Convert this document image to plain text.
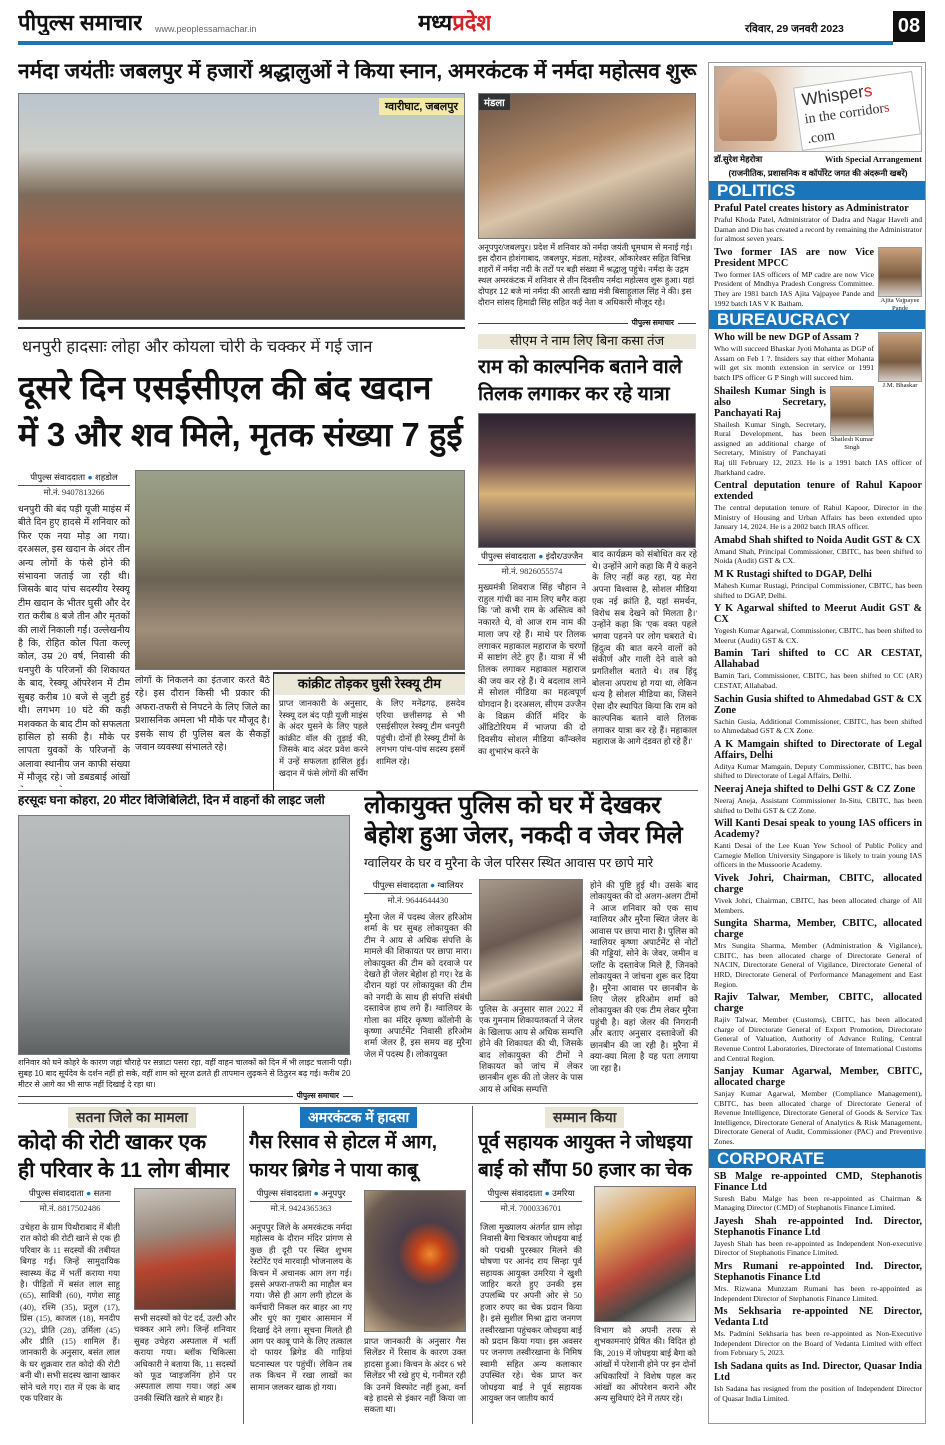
पीपुल्स समाचार www.peoplessamachar.in	मध्यप्रदेश	रविवार, 29 जनवरी 2023	08
नर्मदा जयंतीः जबलपुर में हजारों श्रद्धालुओं ने किया स्नान, अमरकंटक में नर्मदा महोत्सव शुरू
ग्वारीघाट, जबलपुर	मंडला
अनूपपुर/जबलपुर। प्रदेश में शनिवार को नर्मदा जयंती धूमधाम से मनाई गई। इस दौरान होशंगाबाद, जबलपुर, मंडला, महेश्वर, ओंकारेश्वर सहित विभिन्न शहरों में नर्मदा नदी के तटों पर बड़ी संख्या में श्रद्धालु पहुंचे। नर्मदा के उद्गम स्थल अमरकंटक में शनिवार से तीन दिवसीय नर्मदा महोत्सव शुरू हुआ। यहां दोपहर 12 बजे मां नर्मदा की आरती खाद्य मंत्री बिसाहूलाल सिंह ने की। इस दौरान सांसद हिमाद्री सिंह सहित कई नेता व अधिकारी मौजूद रहे।
पीपुल्स समाचार
धनपुरी हादसाः लोहा और कोयला चोरी के चक्कर में गई जान
दूसरे दिन एसईसीएल की बंद खदान
में 3 और शव मिले, मृतक संख्या 7 हुई
पीपुल्स संवाददाता ● शहडोल
मो.नं. 9407813266
धनपुरी की बंद पड़ी यूजी माइंस में बीते दिन हुए हादसे में शनिवार को फिर एक नया मोड़ आ गया। दरअसल, इस खदान के अंदर तीन अन्य लोगों के फंसे होने की संभावना जताई जा रही थी। जिसके बाद पांच सदस्यीय रेस्क्यू टीम खदान के भीतर घुसी और देर रात करीब 8 बजे तीन और मृतकों की लाशें निकाली गईं। उल्लेखनीय है कि, रोहित कोल पिता कल्लू कोल, उम्र 20 वर्ष, निवासी की धनपुरी के परिजनों की शिकायत के बाद, रेस्क्यू ऑपरेशन में टीम सुबह करीब 10 बजे से जुटी हुई थी। लगभग 10 घंटे की कड़ी मशक्कत के बाद टीम को सफलता हासिल हो सकी है। मौके पर लापता युवकों के परिजनों के अलावा स्थानीय जन काफी संख्या में मौजूद रहे। जो डबडबाई आंखों
लोगों के निकलने का इंतजार करते बैठे रहे। इस दौरान किसी भी प्रकार की अफरा-तफरी से निपटने के लिए जिले का प्रशासनिक अमला भी मौके पर मौजूद है। इसके साथ ही पुलिस बल के सैकड़ों जवान व्यवस्था संभालते रहे।
कांक्रीट तोड़कर घुसी रेस्क्यू टीम
प्राप्त जानकारी के अनुसार, रेस्क्यू दल बंद पड़ी यूजी माइंस के अंदर घुसने के लिए पहले कांक्रीट वॉल की तुड़ाई की, जिसके बाद अंदर प्रवेश करने में उन्हें सफलता हासिल हुई। खदान में फंसे लोगों की सर्चिंग के लिए मनेंद्रगढ़, हसदेव एरिया छत्तीसगढ़ से भी एसईसीएल रेस्क्यू टीम धनपुरी पहुंची। दोनों ही रेस्क्यू टीमों के लगभग पांच-पांच सदस्य इसमें शामिल रहे।
सीएम ने नाम लिए बिना कसा तंज
राम को काल्पनिक बताने वाले
तिलक लगाकर कर रहे यात्रा
पीपुल्स संवाददाता ● इंदौर/उज्जैन
मो.नं. 9826055574
मुख्यमंत्री शिवराज सिंह चौहान ने राहुल गांधी का नाम लिए बगैर कहा कि 'जो कभी राम के अस्तित्व को नकारते थे, वो आज राम नाम की माला जप रहे हैं। माथे पर तिलक लगाकर महाकाल महाराज के चरणों में साष्टांग लेटे हुए हैं। यात्रा में भी तिलक लगाकर महाकाल महाराज की जय कर रहे हैं। ये बदलाव लाने में सोशल मीडिया का महत्वपूर्ण योगदान है। दरअसल, सीएम उज्जैन के विक्रम कीर्ति मंदिर के ऑडिटोरियम में भाजपा की दो दिवसीय सोशल मीडिया कॉन्क्लेव का शुभारंभ करने के
बाद कार्यक्रम को संबोधित कर रहे थे। उन्होंने आगे कहा कि मैं ये कहने के लिए नहीं कह रहा, यह मेरा अपना विश्वास है, सोशल मीडिया एक नई क्रांति है, यहां समर्थन, विरोध सब देखने को मिलता है।' उन्होंने कहा कि 'एक वक्त पहले भगवा पहनने पर लोग घबराते थे। हिंदुत्व की बात करने वालों को संकीर्ण और गाली देने वाले को प्रगतिशील बताते थे। तब हिंदू बोलना अपराध हो गया था, लेकिन धन्य है सोशल मीडिया का, जिसने ऐसा दौर स्थापित किया कि राम को काल्पनिक बताने वाले तिलक लगाकर यात्रा कर रहे हैं। महाकाल महाराज के आगे दंडवत हो रहे हैं।'
हरसूदः घना कोहरा, 20 मीटर विजिबिलिटी, दिन में वाहनों की लाइट जली
शनिवार को घने कोहरे के कारण जहां चौराहे पर सन्नाटा पसरा रहा, वहीं वाहन चालकों को दिन में भी लाइट चलानी पड़ी। सुबह 10 बाद सूर्यदेव के दर्शन नहीं हो सके, वहीं शाम को सूरज ढलते ही तापमान लुढ़कने से ठिठुरन बढ़ गई। करीब 20 मीटर से आगे का भी साफ नहीं दिखाई दे रहा था।
पीपुल्स समाचार
लोकायुक्त पुलिस को घर में देखकर
बेहोश हुआ जेलर, नकदी व जेवर मिले
ग्वालियर के घर व मुरैना के जेल परिसर स्थित आवास पर छापे मारे
पीपुल्स संवाददाता ● ग्वालियर
मो.नं. 9644644430
मुरैना जेल में पदस्थ जेलर हरिओम शर्मा के घर सुबह लोकायुक्त की टीम ने आय से अधिक संपत्ति के मामले की शिकायत पर छापा मारा। लोकायुक्त की टीम को दरवाजे पर देखते ही जेलर बेहोश हो गए। रेड के दौरान यहां पर लोकायुक्त की टीम को नगदी के साथ ही संपत्ति संबंधी दस्तावेज हाथ लगे हैं। ग्वालियर के गोला का मंदिर कृष्णा कॉलोनी के कृष्णा अपार्टमेंट निवासी हरिओम शर्मा जेलर हैं, इस समय वह मुरैना जेल में पदस्थ हैं। लोकायुक्त
पुलिस के अनुसार साल 2022 में एक गुमनाम शिकायतकर्ता ने जेलर के खिलाफ आय से अधिक सम्पत्ति होने की शिकायत की थी, जिसके बाद लोकायुक्त की टीमों ने शिकायत को जांच में लेकर छानबीन शुरू की तो जेलर के पास आय से अधिक सम्पत्ति
होने की पुष्टि हुई थी। उसके बाद लोकायुक्त की दो अलग-अलग टीमों ने आज शनिवार को एक साथ ग्वालियर और मुरैना स्थित जेलर के आवास पर छापा मारा है। पुलिस को ग्वालियर कृष्णा अपार्टमेंट से नोटों की गड्डियां, सोने के जेवर, जमीन व प्लॉट के दस्तावेज मिले हैं, जिनको लोकायुक्त ने जांचना शुरू कर दिया है। मुरैना आवास पर छानबीन के लिए जेलर हरिओम शर्मा को लोकायुक्त की एक टीम लेकर मुरैना पहुंची है। वहां जेलर की निगरानी और बताए अनुसार दस्तावेजों की छानबीन की जा रही है। मुरैना में क्या-क्या मिला है यह पता लगाया जा रहा है।
सतना जिले का मामला
कोदो की रोटी खाकर एक
ही परिवार के 11 लोग बीमार
पीपुल्स संवाददाता ● सतना
मो.नं. 8817502486
उचेहरा के ग्राम पिथौराबाद में बीती रात कोदो की रोटी खाने से एक ही परिवार के 11 सदस्यों की तबीयत बिगड़ गई। जिन्हें सामुदायिक स्वास्थ्य केंद्र में भर्ती कराया गया है। पीड़ितों में बसंत लाल साहू (65), सावित्री (60), गणेश साहू (40), रश्मि (35), प्रतुल (17), प्रिंस (15), काजल (18), मनदीप (32), प्रीति (28), उर्मिला (45) और प्रीति (15) शामिल हैं। जानकारी के अनुसार, बसंत लाल के घर शुक्रवार रात कोदो की रोटी बनी थी। सभी सदस्य खाना खाकर सोने चले गए। रात में एक के बाद एक परिवार के
सभी सदस्यों को पेट दर्द, उल्टी और चक्कर आने लगे। जिन्हें शनिवार सुबह उचेहरा अस्पताल में भर्ती कराया गया। ब्लॉक चिकित्सा अधिकारी ने बताया कि, 11 सदस्यों को फूड प्वाइजनिंग होने पर अस्पताल लाया गया। जहां अब उनकी स्थिति खतरे से बाहर है।
अमरकंटक में हादसा
गैस रिसाव से होटल में आग,
फायर ब्रिगेड ने पाया काबू
पीपुल्स संवाददाता ● अनूपपुर
मो.नं. 9424365363
अनूपपुर जिले के अमरकंटक नर्मदा महोत्सव के दौरान मंदिर प्रांगण से कुछ ही दूरी पर स्थित शुभम रेस्टोरेंट एवं मारवाड़ी भोजनालय के किचन में अचानक आग लग गई। इससे अफरा-तफरी का माहौल बन गया। जैसे ही आग लगी होटल के कर्मचारी निकल कर बाहर आ गए और धुएं का गुबार आसमान में दिखाई देने लगा। सूचना मिलते ही आग पर काबू पाने के लिए तत्काल दो फायर ब्रिगेड की गाड़ियां घटनास्थल पर पहुंचीं। लेकिन तब तक किचन में रखा लाखों का सामान जलकर खाक हो गया।
प्राप्त जानकारी के अनुसार गैस सिलेंडर में रिसाव के कारण उक्त हादसा हुआ। किचन के अंदर 6 भरे सिलेंडर भी रखे हुए थे, गनीमत रही कि उनमें विस्फोट नहीं हुआ, वर्ना बड़े हादसे से इंकार नहीं किया जा सकता था।
सम्मान किया
पूर्व सहायक आयुक्त ने जोधइया
बाई को सौंपा 50 हजार का चेक
पीपुल्स संवाददाता ● उमरिया
मो.नं. 7000336701
जिला मुख्यालय अंतर्गत ग्राम लोढ़ा निवासी बैगा चित्रकार जोधइया बाई को पद्मश्री पुरस्कार मिलने की घोषणा पर आनंद राय सिन्हा पूर्व सहायक आयुक्त उमरिया ने खुशी जाहिर करते हुए उनकी इस उपलब्धि पर अपनी ओर से 50 हजार रुपए का चेक प्रदान किया है। इसे सुशील मिश्रा द्वारा जनगण तस्वीरखाना पहुंचकर जोधइया बाई को प्रदान किया गया। इस अवसर पर जनगण तस्वीरखाना के निमिष स्वामी सहित अन्य कलाकार उपस्थित रहे। चेक प्राप्त कर जोधइया बाई ने पूर्व सहायक आयुक्त जन जातीय कार्य
विभाग को अपनी तरफ से शुभकामनाएं प्रेषित की। विदित हो कि, 2019 में जोधइया बाई बैगा को आंखों में परेशानी होने पर इन दोनों अधिकारियों ने विशेष पहल कर आंखों का ऑपरेशन कराने और अन्य सुविधाएं देने में तत्पर रहे।
Whispers
in the corridors
.com
डॉ.सुरेश मेहरोत्रा	With Special Arrangement
(राजनीतिक, प्रशासनिक व कॉर्पोरेट जगत की अंदरूनी खबरें)
POLITICS
Praful Patel creates history as Administrator

Praful Khoda Patel, Administrator of Dadra and Nagar Haveli and Daman and Diu has created a record by remaining the Administrator for almost seven years.

Ajita Vajpayee Pande
Two former IAS are now Vice President MPCC

Two former IAS officers of MP cadre are now Vice President of Mndhya Pradesh Congress Committee. They are 1981 batch IAS Ajita Vajpayee Pande and 1992 batch IAS V K Batham.

BUREAUCRACY
J.M. Bhaskar
Who will be new DGP of Assam ?

Who will succeed Bhaskar Jyoti Mohanta as DGP of Assam on Feb 1 ?. Insiders say that either Mohanta will get six month extension in service or 1991 batch IPS officer G P Singh will succeed him.

Shailesh Kumar Singh
Shailesh Kumar Singh is also Secretary, Panchayati Raj

Shailesh Kumar Singh, Secretary, Rural Development, has been assigned an additional charge of Secretary, Ministry of Panchayati Raj till February 12, 2023. He is a 1991 batch IAS officer of Jharkhand cadre.

Central deputation tenure of Rahul Kapoor extended

The central deputation tenure of Rahul Kapoor, Director in the Ministry of Housing and Urban Affairs has been extended upto January 14, 2024. He is a 2002 batch IRAS officer.

Amabd Shah shifted to Noida Audit GST & CX

Amand Shah, Principal Commissioner, CBITC, has been shifted to Noida (Audit) GST & CX.

M K Rustagi shifted to DGAP, Delhi

Mahesh Kumar Rustagi, Principal Commissioner, CBITC, has been shifted to DGAP, Delhi.

Y K Agarwal shifted to Meerut Audit GST & CX

Yogesh Kumar Agarwal, Commissioner, CBITC, has been shifted to Meerut (Audit) GST & CX.

Bamin Tari shifted to CC AR CESTAT, Allahabad

Bamin Tari, Commissioner, CBITC, has been shifted to CC (AR) CESTAT, Allahabad.

Sachin Gusia shifted to Ahmedabad GST & CX Zone

Sachin Gusia, Additional Commissioner, CBITC, has been shifted to Ahmedabad GST & CX Zone.

A K Mamgain shifted to Directorate of Legal Affairs, Delhi

Aditya Kumar Mamgain, Deputy Commissioner, CBITC, has been shifted to Directorate of Legal Affairs, Delhi.

Neeraj Aneja shifted to Delhi GST & CZ Zone

Neeraj Aneja, Assistant Commissioner In-Situ, CBITC, has been shifted to Delhi GST & CZ Zone.

Will Kanti Desai speak to young IAS officers in Academy?

Kanti Desai of the Lee Kuan Yew School of Public Policy and Carnegie Mellon University Singapore is likely to train young IAS officers in the Mussoorie Academy.

Vivek Johri, Chairman, CBITC, allocated charge

Vivek Johri, Chairman, CBITC, has been allocated charge of All Members.

Sungita Sharma, Member, CBITC, allocated charge

Mrs Sungita Sharma, Member (Administration & Vigilance), CBITC, has been allocated charge of Directorate General of NACIN, Directorate General of Vigilance, Directorate General of HRD, Directorate General of Performance Management and East Region.

Rajiv Talwar, Member, CBITC, allocated charge

Rajiv Talwar, Member (Customs), CBITC, has been allocated charge of Directorate General of Export Promotion, Directorate General of Valuation, Authority of Advance Ruling, Central Revenue Control Laboratories, Directorate of International Customs and Central Region.

Sanjay Kumar Agarwal, Member, CBITC, allocated charge

Sanjay Kumar Agarwal, Member (Compliance Management), CBITC, has been allocated charge of Directorate General of Revenue Intelligence, Directorate General of Goods & Service Tax Intelligence, Directorate General of Analytics & Risk Management, Directorate General of Audit, Commissioner (PAC) and Preventive Zones.

CORPORATE
SB Malge re-appointed CMD, Stephanotis Finance Ltd

Suresh Babu Malge has been re-appointed as Chairman & Managing Director (CMD) of Stephanotis Finance Limited.

Jayesh Shah re-appointed Ind. Director, Stephanotis Finance Ltd

Jayesh Shah has been re-appointed as Independent Non-executive Director of Stephanotis Finance Limited.

Mrs Rumani re-appointed Ind. Director, Stephanotis Finance Ltd

Mrs. Rizwana Munzzam Rumani has been re-appointed as Independent Director of Stephanotis Finance Limited.

Ms Sekhsaria re-appointed NE Director, Vedanta Ltd

Ms. Padmini Sekhsaria has been re-appointed as Non-Executive Independent Director on the Board of Vedanta Limited with effect from February 5, 2023.

Ish Sadana quits as Ind. Director, Quasar India Ltd

Ish Sadana has resigned from the position of Independent Director of Quasar India Limited.
